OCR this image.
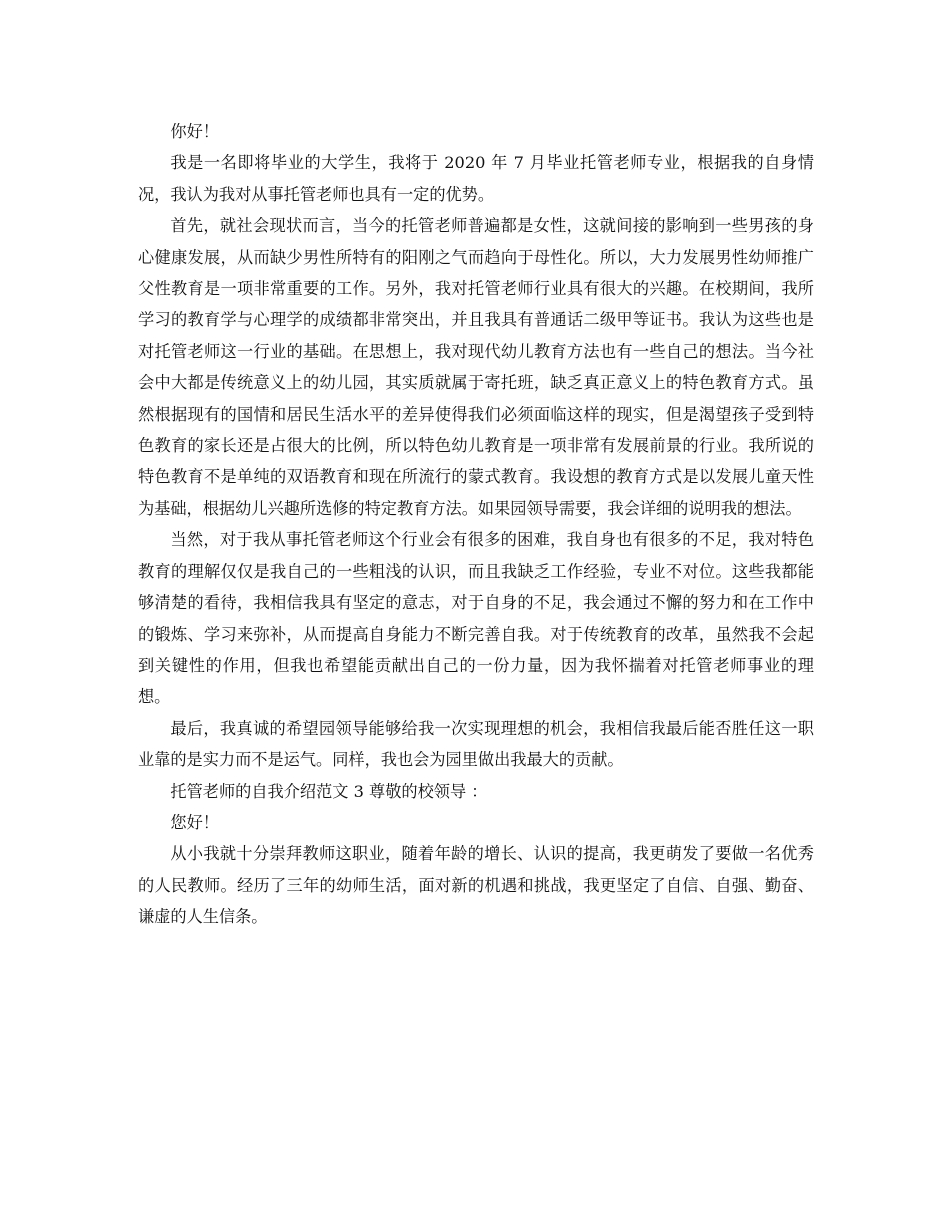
你好！

我是一名即将毕业的大学生，我将于 2020 年 7 月毕业托管老师专业，根据我的自身情况，我认为我对从事托管老师也具有一定的优势。

首先，就社会现状而言，当今的托管老师普遍都是女性，这就间接的影响到一些男孩的身心健康发展，从而缺少男性所特有的阳刚之气而趋向于母性化。所以，大力发展男性幼师推广父性教育是一项非常重要的工作。另外，我对托管老师行业具有很大的兴趣。在校期间，我所学习的教育学与心理学的成绩都非常突出，并且我具有普通话二级甲等证书。我认为这些也是对托管老师这一行业的基础。在思想上，我对现代幼儿教育方法也有一些自己的想法。当今社会中大都是传统意义上的幼儿园，其实质就属于寄托班，缺乏真正意义上的特色教育方式。虽然根据现有的国情和居民生活水平的差异使得我们必须面临这样的现实，但是渴望孩子受到特色教育的家长还是占很大的比例，所以特色幼儿教育是一项非常有发展前景的行业。我所说的特色教育不是单纯的双语教育和现在所流行的蒙式教育。我设想的教育方式是以发展儿童天性为基础，根据幼儿兴趣所选修的特定教育方法。如果园领导需要，我会详细的说明我的想法。

当然，对于我从事托管老师这个行业会有很多的困难，我自身也有很多的不足，我对特色教育的理解仅仅是我自己的一些粗浅的认识，而且我缺乏工作经验，专业不对位。这些我都能够清楚的看待，我相信我具有坚定的意志，对于自身的不足，我会通过不懈的努力和在工作中的锻炼、学习来弥补，从而提高自身能力不断完善自我。对于传统教育的改革，虽然我不会起到关键性的作用，但我也希望能贡献出自己的一份力量，因为我怀揣着对托管老师事业的理想。

最后，我真诚的希望园领导能够给我一次实现理想的机会，我相信我最后能否胜任这一职业靠的是实力而不是运气。同样，我也会为园里做出我最大的贡献。

托管老师的自我介绍范文 3 尊敬的校领导 ：

您好！

从小我就十分崇拜教师这职业，随着年龄的增长、认识的提高，我更萌发了要做一名优秀的人民教师。经历了三年的幼师生活，面对新的机遇和挑战，我更坚定了自信、自强、勤奋、谦虚的人生信条。
